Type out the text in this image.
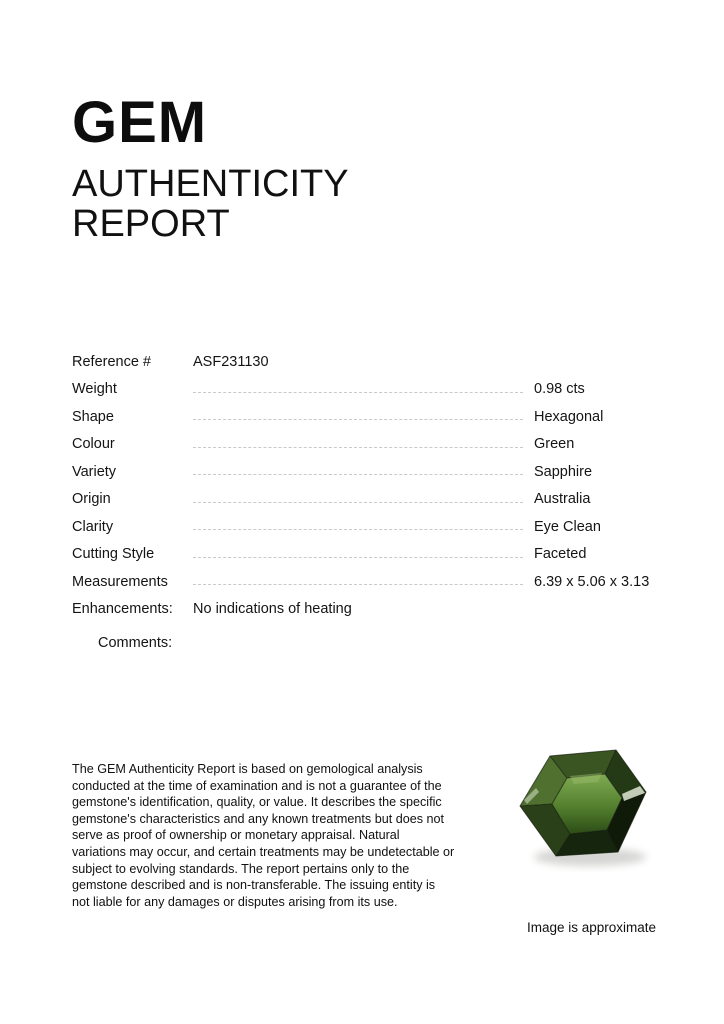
GEM
AUTHENTICITY REPORT
Reference #	ASF231130
Weight	0.98 cts
Shape	Hexagonal
Colour	Green
Variety	Sapphire
Origin	Australia
Clarity	Eye Clean
Cutting Style	Faceted
Measurements	6.39 x 5.06 x 3.13
Enhancements:	No indications of heating
Comments:

The GEM Authenticity Report is based on gemological analysis conducted at the time of examination and is not a guarantee of the gemstone's identification, quality, or value. It describes the specific gemstone's characteristics and any known treatments but does not serve as proof of ownership or monetary appraisal. Natural variations may occur, and certain treatments may be undetectable or subject to evolving standards. The report pertains only to the gemstone described and is non-transferable. The issuing entity is not liable for any damages or disputes arising from its use.

Image is approximate
